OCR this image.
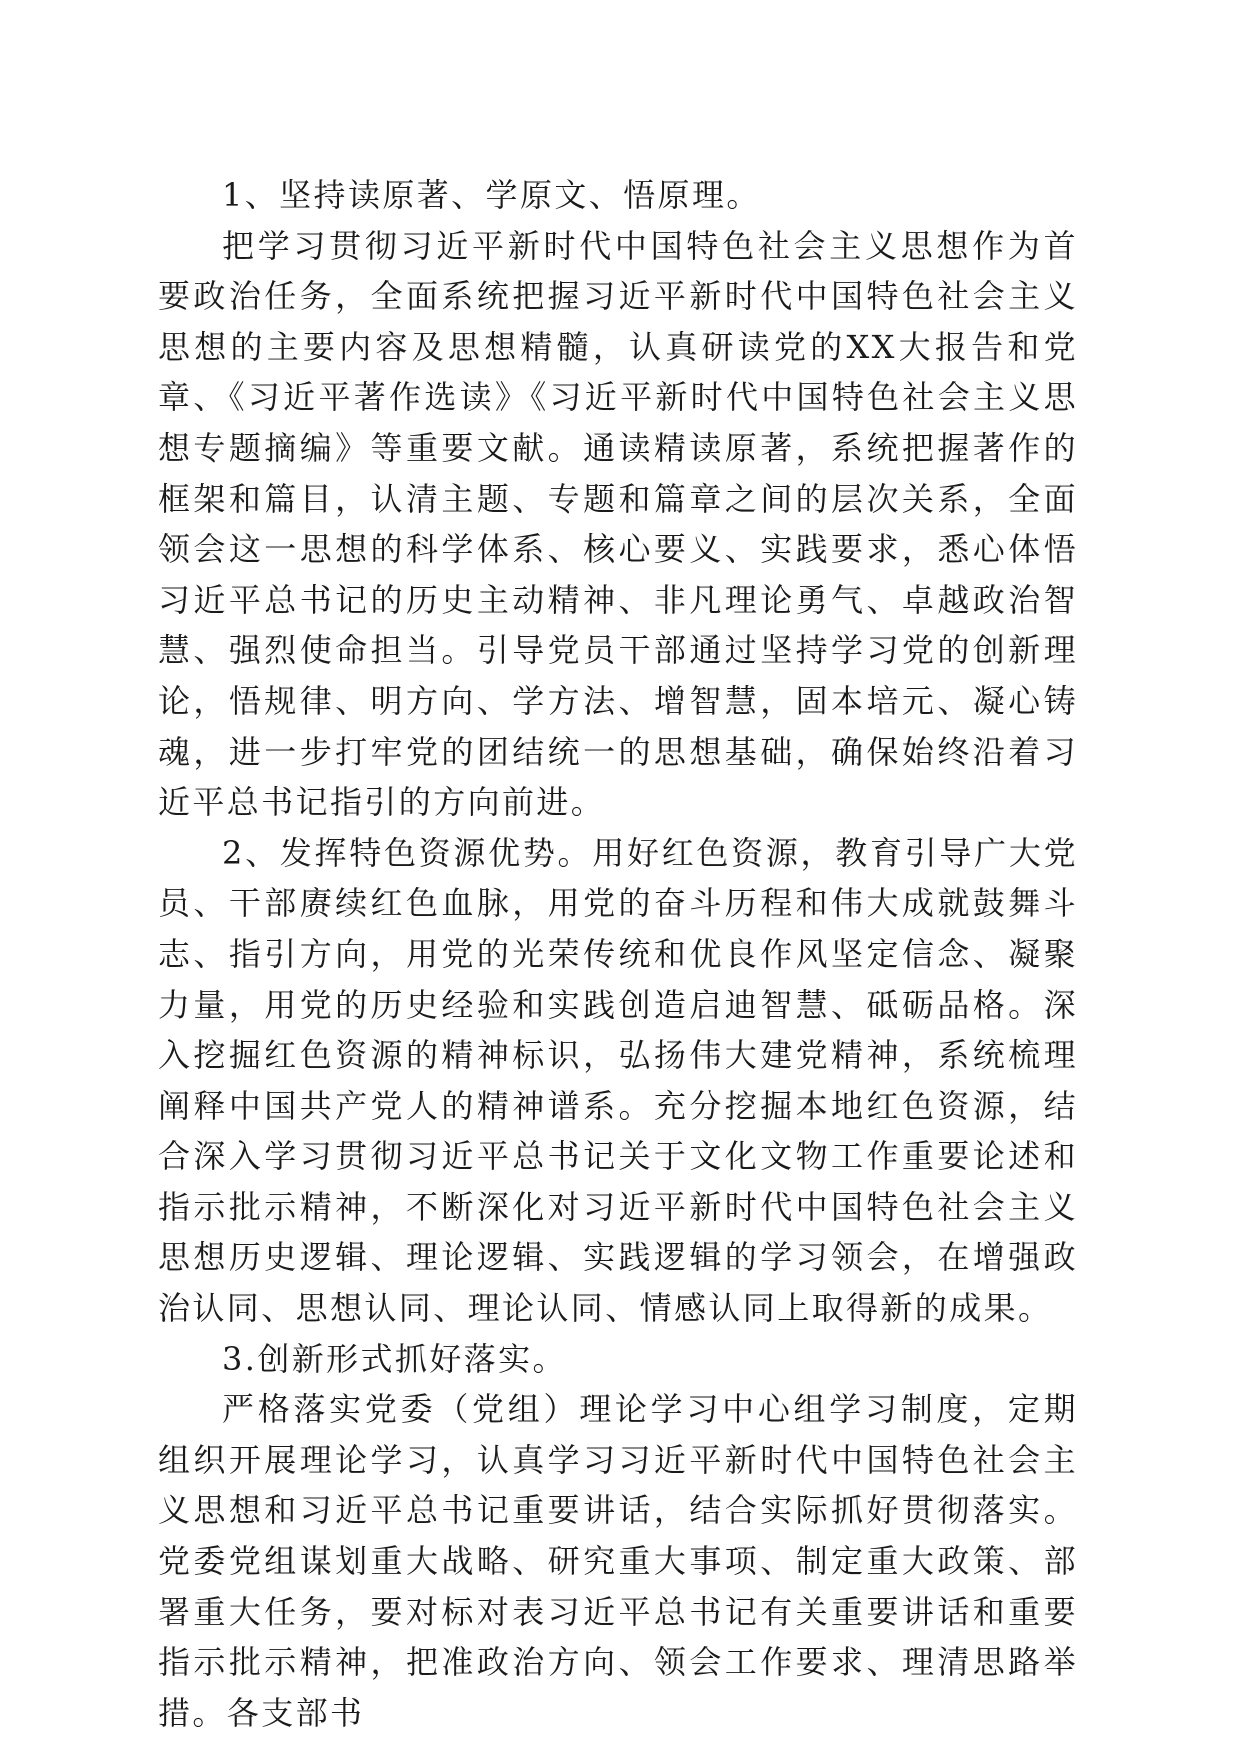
1、坚持读原著、学原文、悟原理。

把学习贯彻习近平新时代中国特色社会主义思想作为首要政治任务，全面系统把握习近平新时代中国特色社会主义思想的主要内容及思想精髓，认真研读党的XX大报告和党章、《习近平著作选读》《习近平新时代中国特色社会主义思想专题摘编》等重要文献。通读精读原著，系统把握著作的框架和篇目，认清主题、专题和篇章之间的层次关系，全面领会这一思想的科学体系、核心要义、实践要求，悉心体悟习近平总书记的历史主动精神、非凡理论勇气、卓越政治智慧、强烈使命担当。引导党员干部通过坚持学习党的创新理论，悟规律、明方向、学方法、增智慧，固本培元、凝心铸魂，进一步打牢党的团结统一的思想基础，确保始终沿着习近平总书记指引的方向前进。

2、发挥特色资源优势。用好红色资源，教育引导广大党员、干部赓续红色血脉，用党的奋斗历程和伟大成就鼓舞斗志、指引方向，用党的光荣传统和优良作风坚定信念、凝聚力量，用党的历史经验和实践创造启迪智慧、砥砺品格。深入挖掘红色资源的精神标识，弘扬伟大建党精神，系统梳理阐释中国共产党人的精神谱系。充分挖掘本地红色资源，结合深入学习贯彻习近平总书记关于文化文物工作重要论述和指示批示精神，不断深化对习近平新时代中国特色社会主义思想历史逻辑、理论逻辑、实践逻辑的学习领会，在增强政治认同、思想认同、理论认同、情感认同上取得新的成果。

3.创新形式抓好落实。

严格落实党委（党组）理论学习中心组学习制度，定期组织开展理论学习，认真学习习近平新时代中国特色社会主义思想和习近平总书记重要讲话，结合实际抓好贯彻落实。党委党组谋划重大战略、研究重大事项、制定重大政策、部署重大任务，要对标对表习近平总书记有关重要讲话和重要指示批示精神，把准政治方向、领会工作要求、理清思路举措。各支部书
